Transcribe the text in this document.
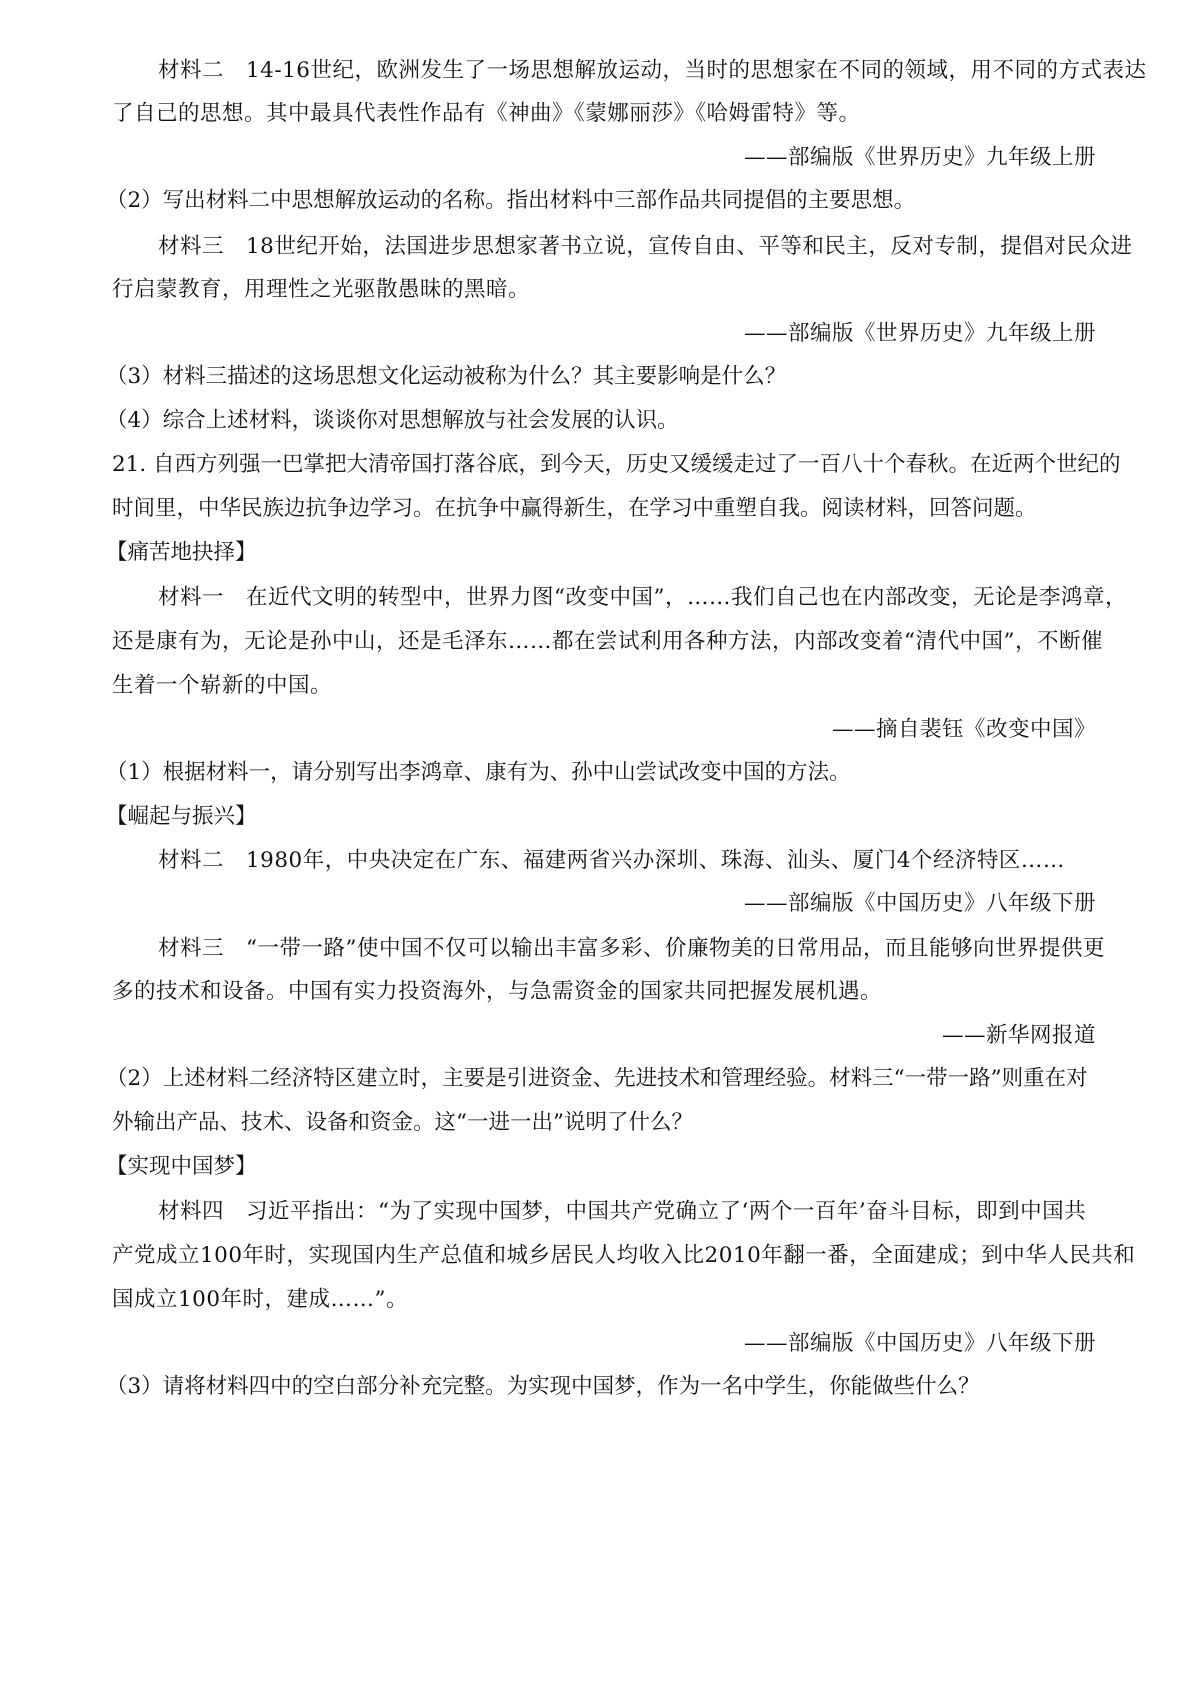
材料二　14-16世纪，欧洲发生了一场思想解放运动，当时的思想家在不同的领域，用不同的方式表达
了自己的思想。其中最具代表性作品有《神曲》《蒙娜丽莎》《哈姆雷特》等。
——部编版《世界历史》九年级上册
（2）写出材料二中思想解放运动的名称。指出材料中三部作品共同提倡的主要思想。
材料三　18世纪开始，法国进步思想家著书立说，宣传自由、平等和民主，反对专制，提倡对民众进
行启蒙教育，用理性之光驱散愚昧的黑暗。
——部编版《世界历史》九年级上册
（3）材料三描述的这场思想文化运动被称为什么？其主要影响是什么？
（4）综合上述材料，谈谈你对思想解放与社会发展的认识。
21. 自西方列强一巴掌把大清帝国打落谷底，到今天，历史又缓缓走过了一百八十个春秋。在近两个世纪的
时间里，中华民族边抗争边学习。在抗争中赢得新生，在学习中重塑自我。阅读材料，回答问题。
【痛苦地抉择】
材料一　在近代文明的转型中，世界力图“改变中国”，……我们自己也在内部改变，无论是李鸿章，
还是康有为，无论是孙中山，还是毛泽东……都在尝试利用各种方法，内部改变着“清代中国”，不断催
生着一个崭新的中国。
——摘自裴钰《改变中国》
（1）根据材料一，请分别写出李鸿章、康有为、孙中山尝试改变中国的方法。
【崛起与振兴】
材料二　1980年，中央决定在广东、福建两省兴办深圳、珠海、汕头、厦门4个经济特区……
——部编版《中国历史》八年级下册
材料三　“一带一路”使中国不仅可以输出丰富多彩、价廉物美的日常用品，而且能够向世界提供更
多的技术和设备。中国有实力投资海外，与急需资金的国家共同把握发展机遇。
——新华网报道
（2）上述材料二经济特区建立时，主要是引进资金、先进技术和管理经验。材料三“一带一路”则重在对
外输出产品、技术、设备和资金。这“一进一出”说明了什么？
【实现中国梦】
材料四　习近平指出：“为了实现中国梦，中国共产党确立了‘两个一百年’奋斗目标，即到中国共
产党成立100年时，实现国内生产总值和城乡居民人均收入比2010年翻一番，全面建成；到中华人民共和
国成立100年时，建成……”。
——部编版《中国历史》八年级下册
（3）请将材料四中的空白部分补充完整。为实现中国梦，作为一名中学生，你能做些什么？
